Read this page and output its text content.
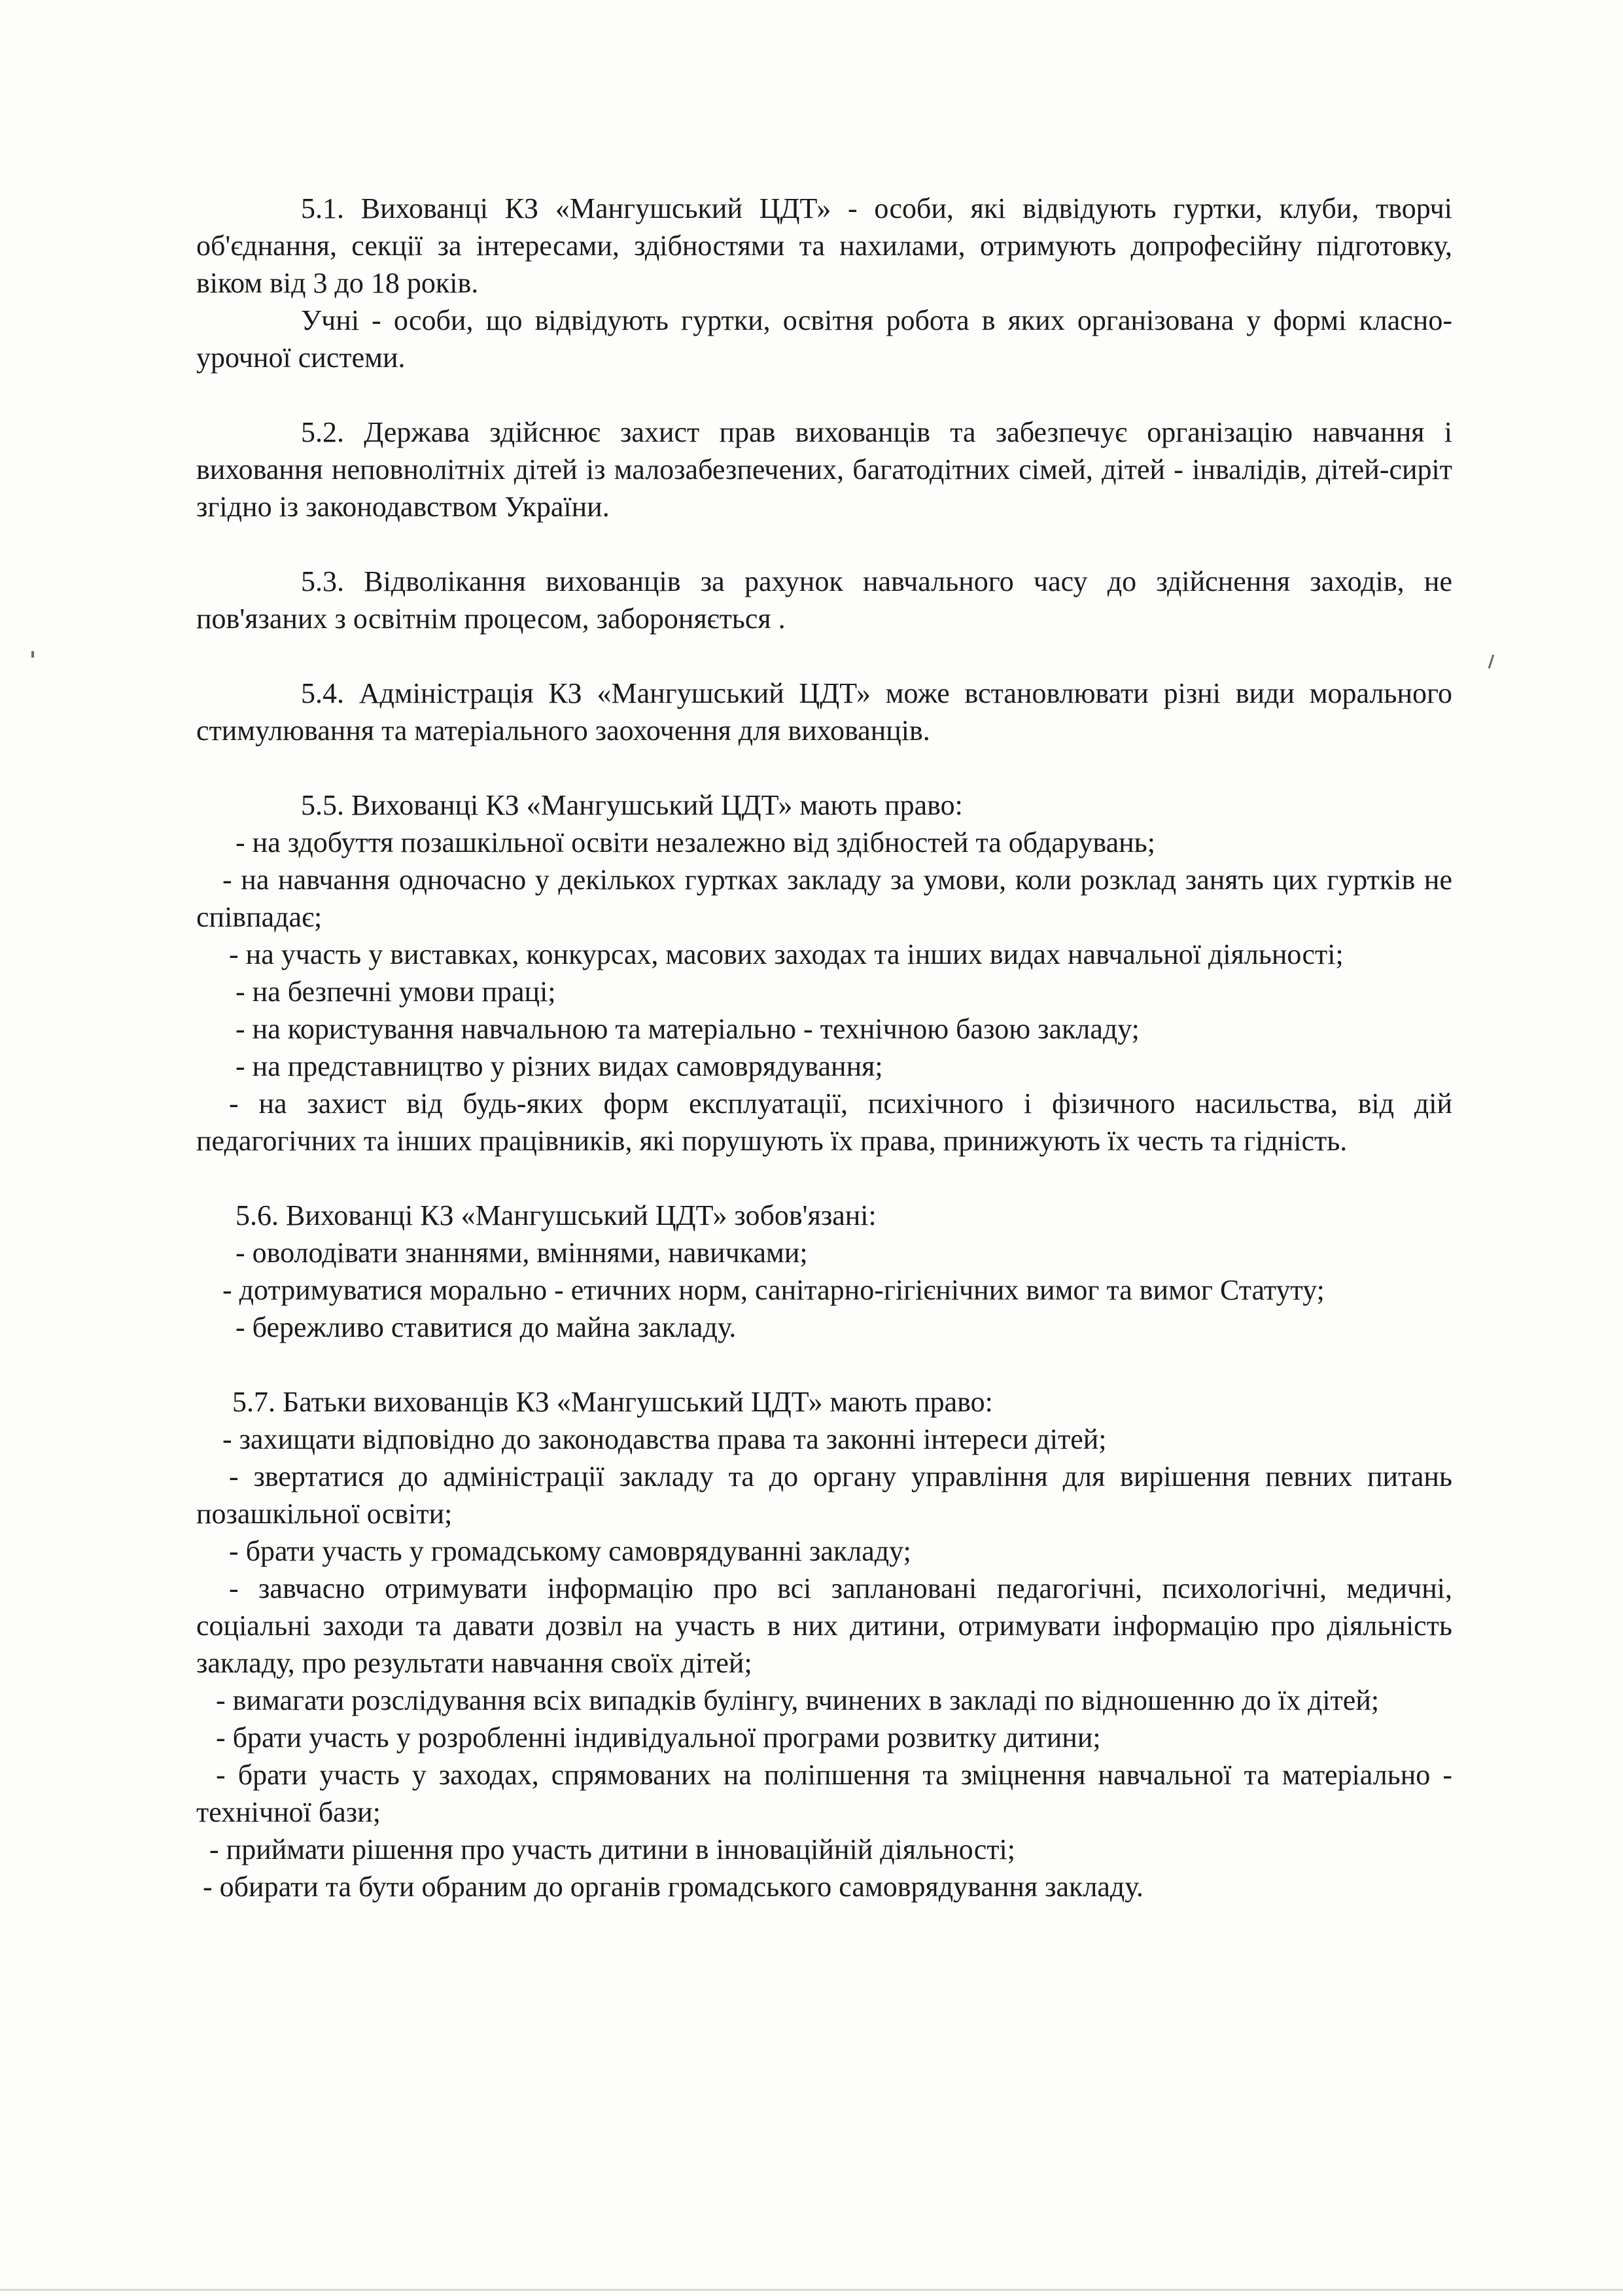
5.1. Вихованці КЗ «Мангушський ЦДТ» - особи, які відвідують гуртки, клуби, творчі об'єднання, секції за інтересами, здібностями та нахилами, отримують допрофесійну підготовку, віком від 3 до 18 років.

Учні - особи, що відвідують гуртки, освітня робота в яких організована у формі класно-урочної системи.

5.2. Держава здійснює захист прав вихованців та забезпечує організацію навчання і виховання неповнолітніх дітей із малозабезпечених, багатодітних сімей, дітей - інвалідів, дітей-сиріт згідно із законодавством України.

5.3. Відволікання вихованців за рахунок навчального часу до здійснення заходів, не пов'язаних з освітнім процесом, забороняється .

5.4. Адміністрація КЗ «Мангушський ЦДТ» може встановлювати різні види морального стимулювання та матеріального заохочення для вихованців.

5.5. Вихованці КЗ «Мангушський ЦДТ» мають право:

- на здобуття позашкільної освіти незалежно від здібностей та обдарувань;

- на навчання одночасно у декількох гуртках закладу за умови, коли розклад занять цих гуртків не співпадає;

- на участь у виставках, конкурсах, масових заходах та інших видах навчальної діяльності;

- на безпечні умови праці;

- на користування навчальною та матеріально - технічною базою закладу;

- на представництво у різних видах самоврядування;

- на захист від будь-яких форм експлуатації, психічного і фізичного насильства, від дій педагогічних та інших працівників, які порушують їх права, принижують їх честь та гідність.

5.6. Вихованці КЗ «Мангушський ЦДТ» зобов'язані:

- оволодівати знаннями, вміннями, навичками;

- дотримуватися морально - етичних норм, санітарно-гігієнічних вимог та вимог Статуту;

- бережливо ставитися до майна закладу.

5.7. Батьки вихованців КЗ «Мангушський ЦДТ» мають право:

- захищати відповідно до законодавства права та законні інтереси дітей;

- звертатися до адміністрації закладу та до органу управління для вирішення певних питань позашкільної освіти;

- брати участь у громадському самоврядуванні закладу;

- завчасно отримувати інформацію про всі заплановані педагогічні, психологічні, медичні, соціальні заходи та давати дозвіл на участь в них дитини, отримувати інформацію про діяльність закладу, про результати навчання своїх дітей;

- вимагати розслідування всіх випадків булінгу, вчинених в закладі по відношенню до їх дітей;

- брати участь у розробленні індивідуальної програми розвитку дитини;

- брати участь у заходах, спрямованих на поліпшення та зміцнення навчальної та матеріально - технічної бази;

- приймати рішення про участь дитини в інноваційній діяльності;

- обирати та бути обраним до органів громадського самоврядування закладу.
